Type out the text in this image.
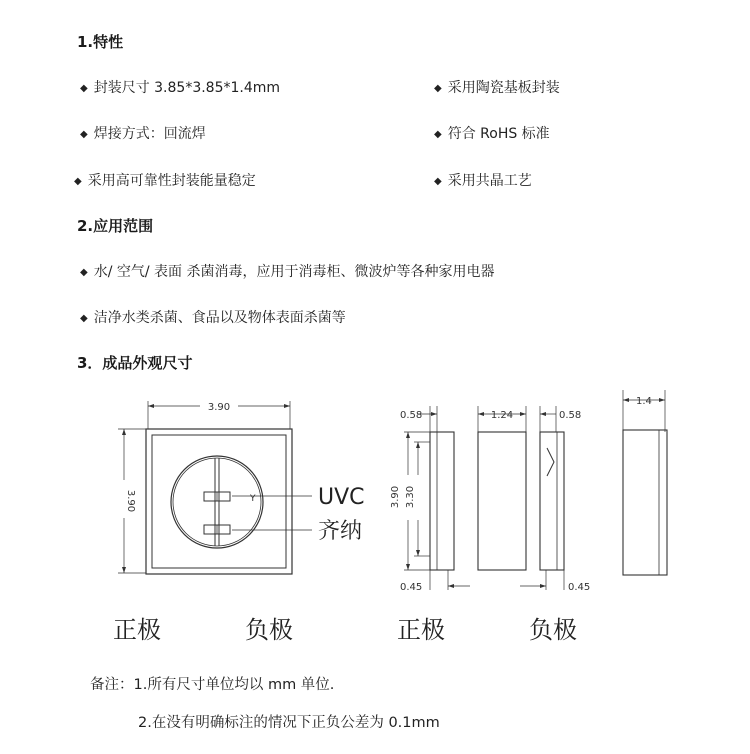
1.特性
◆ 封装尺寸 3.85*3.85*1.4mm	◆ 采用陶瓷基板封装
◆ 焊接方式：回流焊	◆ 符合 RoHS 标准
◆ 采用高可靠性封装能量稳定	◆ 采用共晶工艺
2.应用范围
◆ 水/ 空气/ 表面 杀菌消毒，应用于消毒柜、微波炉等各种家用电器
◆ 洁净水类杀菌、食品以及物体表面杀菌等
3．成品外观尺寸
3.90
3.90	Y	UVC
齐纳
0.58	1.24	0.58
3.90 3.30
0.45	0.45
1.4
正极	负极	正极	负极
备注：1.所有尺寸单位均以 mm 单位.
2.在没有明确标注的情况下正负公差为 0.1mm
